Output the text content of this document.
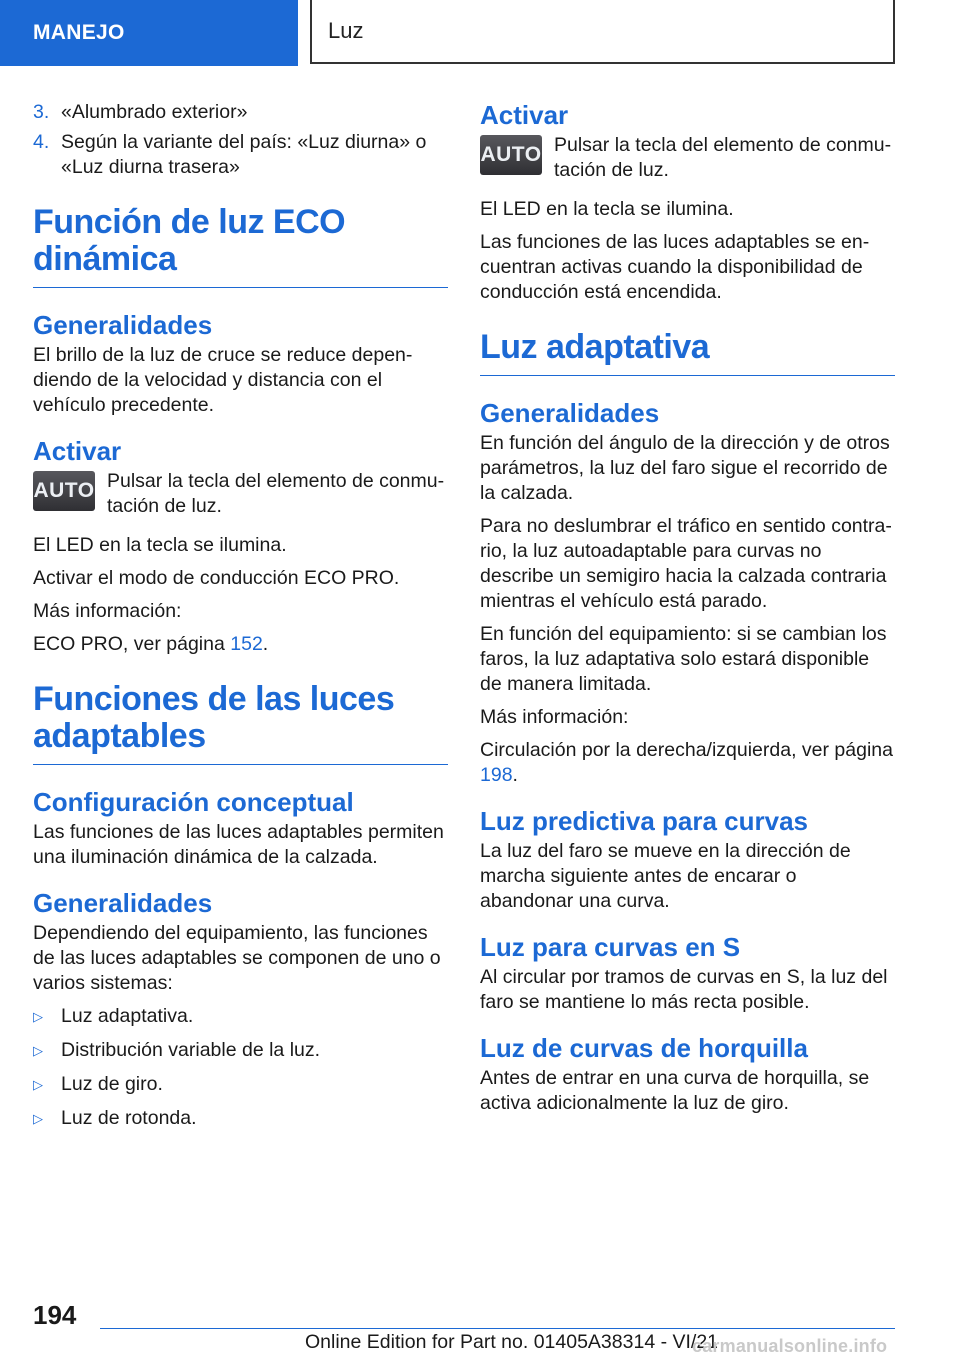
MANEJO	Luz
3. «Alumbrado exterior»
4. Según la variante del país: «Luz diurna» o «Luz diurna trasera»
Función de luz ECO dinámica
Generalidades

El brillo de la luz de cruce se reduce dependiendo de la velocidad y distancia con el vehículo precedente.

Activar
AUTO Pulsar la tecla del elemento de conmutación de luz.

El LED en la tecla se ilumina.

Activar el modo de conducción ECO PRO.

Más información:

ECO PRO, ver página 152.

Funciones de las luces adaptables
Configuración conceptual

Las funciones de las luces adaptables permiten una iluminación dinámica de la calzada.

Generalidades

Dependiendo del equipamiento, las funciones de las luces adaptables se componen de uno o varios sistemas:

▷ Luz adaptativa.
▷ Distribución variable de la luz.
▷ Luz de giro.
▷ Luz de rotonda.
Activar
AUTO Pulsar la tecla del elemento de conmutación de luz.

El LED en la tecla se ilumina.

Las funciones de las luces adaptables se encuentran activas cuando la disponibilidad de conducción está encendida.

Luz adaptativa
Generalidades

En función del ángulo de la dirección y de otros parámetros, la luz del faro sigue el recorrido de la calzada.

Para no deslumbrar el tráfico en sentido contrario, la luz autoadaptable para curvas no describe un semigiro hacia la calzada contraria mientras el vehículo está parado.

En función del equipamiento: si se cambian los faros, la luz adaptativa solo estará disponible de manera limitada.

Más información:

Circulación por la derecha/izquierda, ver página 198.

Luz predictiva para curvas

La luz del faro se mueve en la dirección de marcha siguiente antes de encarar o abandonar una curva.

Luz para curvas en S

Al circular por tramos de curvas en S, la luz del faro se mantiene lo más recta posible.

Luz de curvas de horquilla

Antes de entrar en una curva de horquilla, se activa adicionalmente la luz de giro.

194
Online Edition for Part no. 01405A38314 - VI/21
carmanualsonline.info
